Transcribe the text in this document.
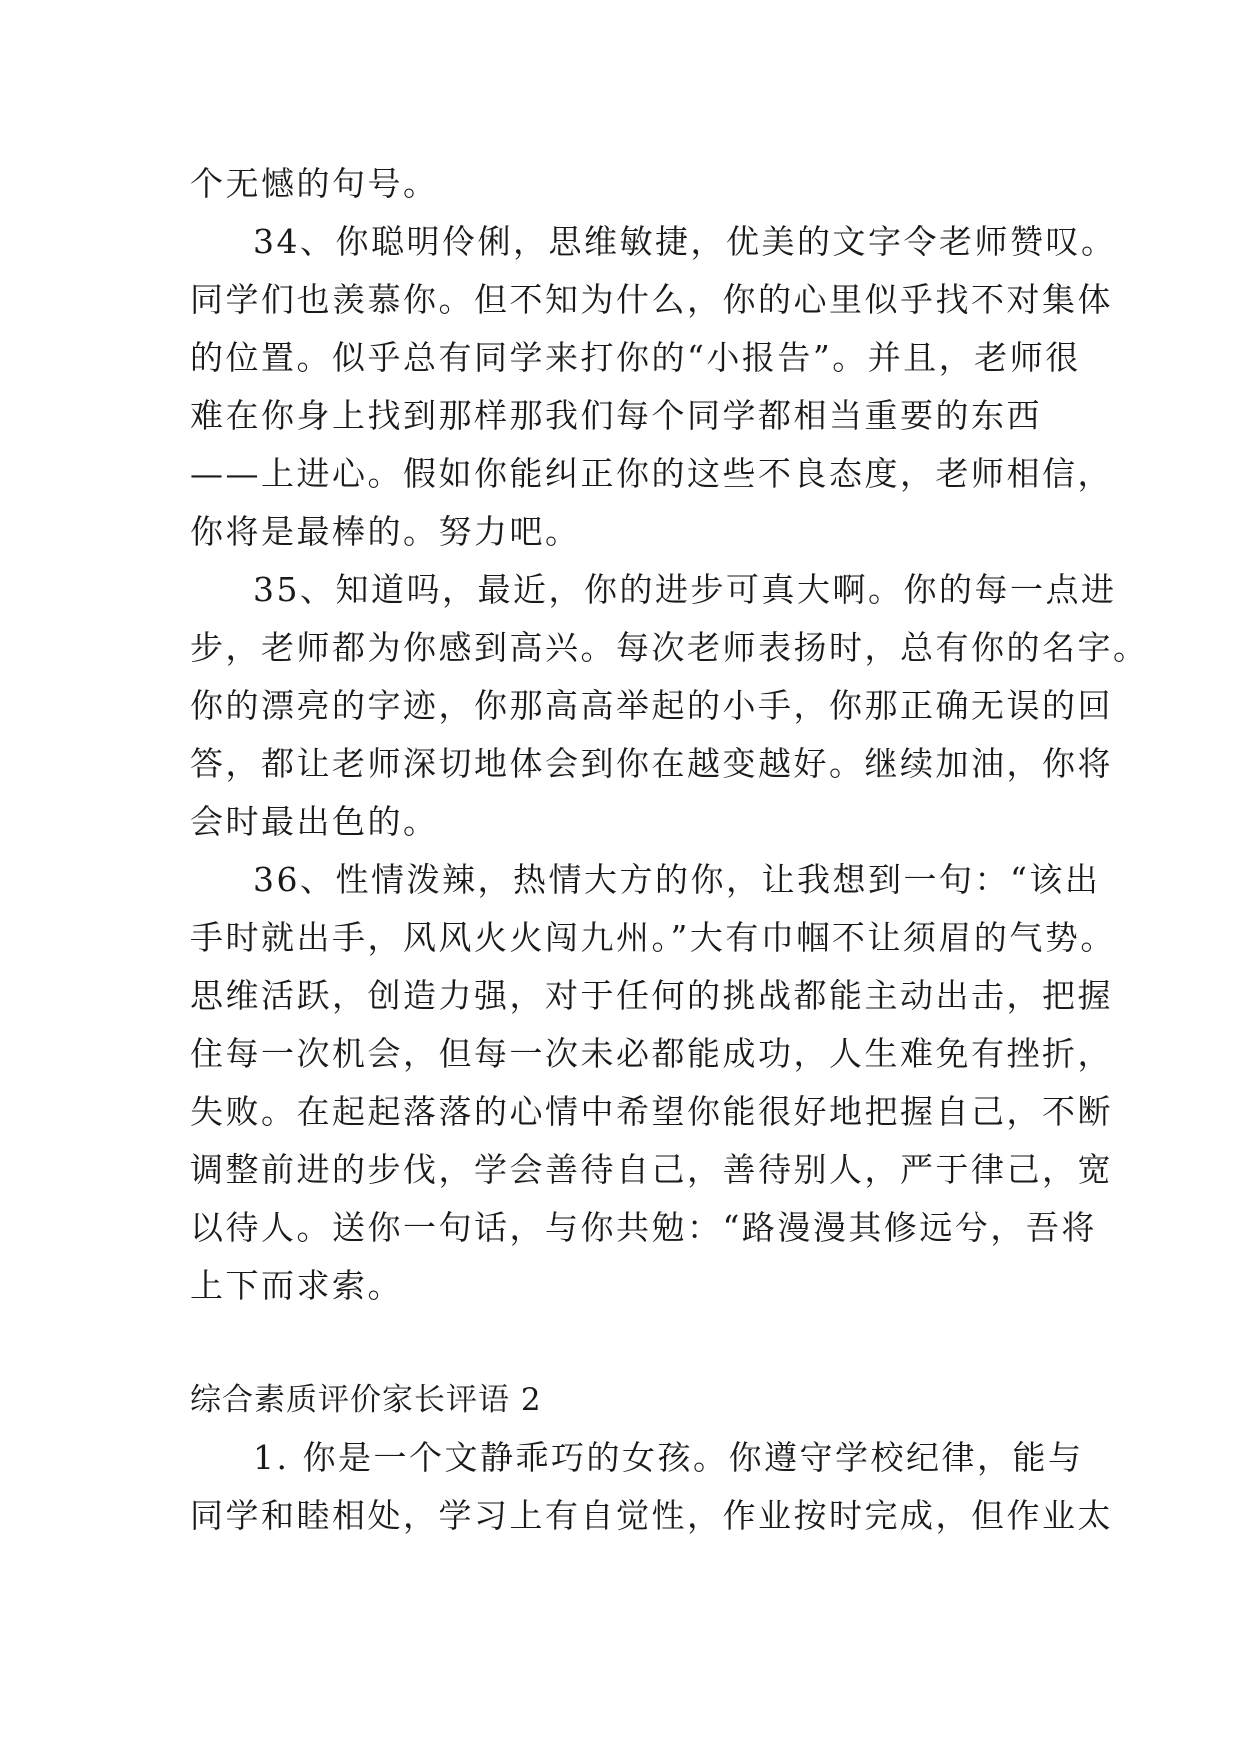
个无憾的句号。
34、你聪明伶俐，思维敏捷，优美的文字令老师赞叹。
同学们也羡慕你。但不知为什么，你的心里似乎找不对集体
的位置。似乎总有同学来打你的“小报告”。并且，老师很
难在你身上找到那样那我们每个同学都相当重要的东西
——上进心。假如你能纠正你的这些不良态度，老师相信，
你将是最棒的。努力吧。
35、知道吗，最近，你的进步可真大啊。你的每一点进
步，老师都为你感到高兴。每次老师表扬时，总有你的名字。
你的漂亮的字迹，你那高高举起的小手，你那正确无误的回
答，都让老师深切地体会到你在越变越好。继续加油，你将
会时最出色的。
36、性情泼辣，热情大方的你，让我想到一句：“该出
手时就出手，风风火火闯九州。”大有巾帼不让须眉的气势。
思维活跃，创造力强，对于任何的挑战都能主动出击，把握
住每一次机会，但每一次未必都能成功，人生难免有挫折，
失败。在起起落落的心情中希望你能很好地把握自己，不断
调整前进的步伐，学会善待自己，善待别人，严于律己，宽
以待人。送你一句话，与你共勉：“路漫漫其修远兮，吾将
上下而求索。
综合素质评价家长评语 2
1. 你是一个文静乖巧的女孩。你遵守学校纪律，能与
同学和睦相处，学习上有自觉性，作业按时完成，但作业太
